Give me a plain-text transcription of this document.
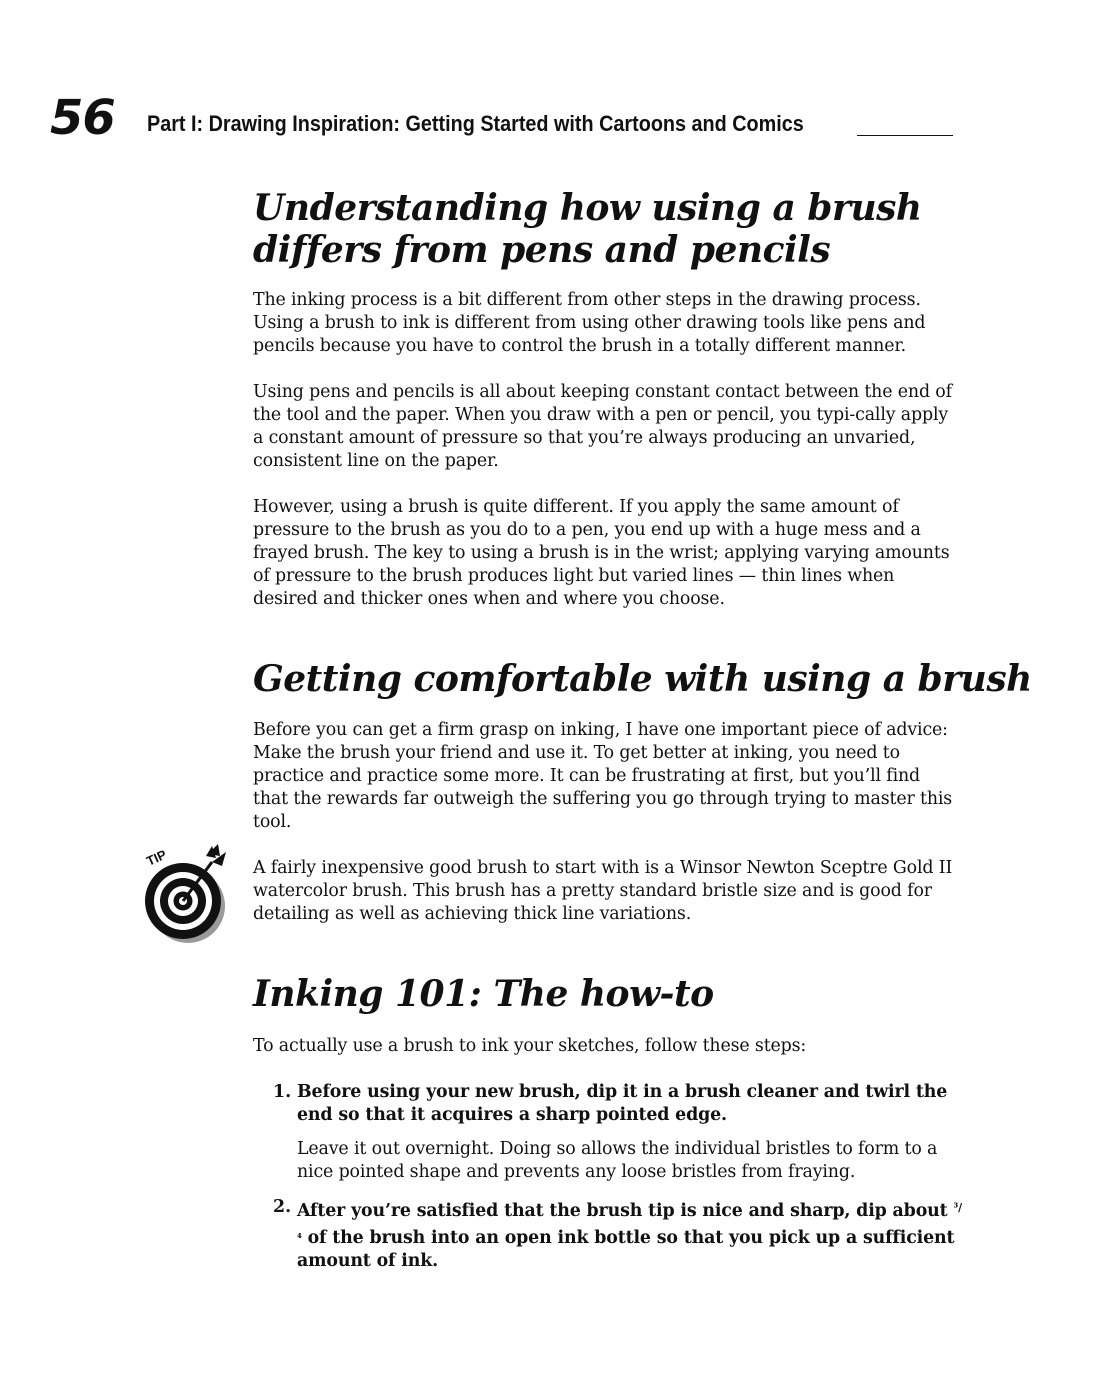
56 Part I: Drawing Inspiration: Getting Started with Cartoons and Comics
Understanding how using a brush
differs from pens and pencils

The inking process is a bit different from other steps in the drawing process. Using a brush to ink is different from using other drawing tools like pens and pencils because you have to control the brush in a totally different manner.

Using pens and pencils is all about keeping constant contact between the end of the tool and the paper. When you draw with a pen or pencil, you typi-cally apply a constant amount of pressure so that you’re always producing an unvaried, consistent line on the paper.

However, using a brush is quite different. If you apply the same amount of pressure to the brush as you do to a pen, you end up with a huge mess and a frayed brush. The key to using a brush is in the wrist; applying varying amounts of pressure to the brush produces light but varied lines — thin lines when desired and thicker ones when and where you choose.

Getting comfortable with using a brush

Before you can get a firm grasp on inking, I have one important piece of advice: Make the brush your friend and use it. To get better at inking, you need to practice and practice some more. It can be frustrating at first, but you’ll find that the rewards far outweigh the suffering you go through trying to master this tool.

A fairly inexpensive good brush to start with is a Winsor Newton Sceptre Gold II watercolor brush. This brush has a pretty standard bristle size and is good for detailing as well as achieving thick line variations.

Inking 101: The how-to

To actually use a brush to ink your sketches, follow these steps:

1. Before using your new brush, dip it in a brush cleaner and twirl the end so that it acquires a sharp pointed edge.

Leave it out overnight. Doing so allows the individual bristles to form to a nice pointed shape and prevents any loose bristles from fraying.

2. After you’re satisfied that the brush tip is nice and sharp, dip about $^{^3/_4}$ of the brush into an open ink bottle so that you pick up a sufficient amount of ink.

TIP
